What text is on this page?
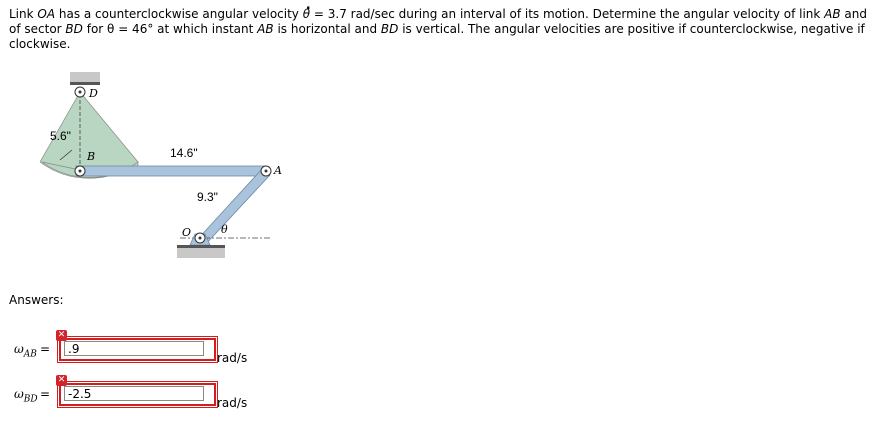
Link OA has a counterclockwise angular velocity . θ = 3.7 rad/sec during an interval of its motion. Determine the angular velocity of link AB and of sector BD for θ = 46° at which instant AB is horizontal and BD is vertical. The angular velocities are positive if counterclockwise, negative if clockwise.
D
B
A
O	θ
5.6"
14.6"
9.3"
Answers:
$\omega_{AB}$ =
✕
.9
rad/s
$\omega_{BD}$ =
✕
-2.5
rad/s
